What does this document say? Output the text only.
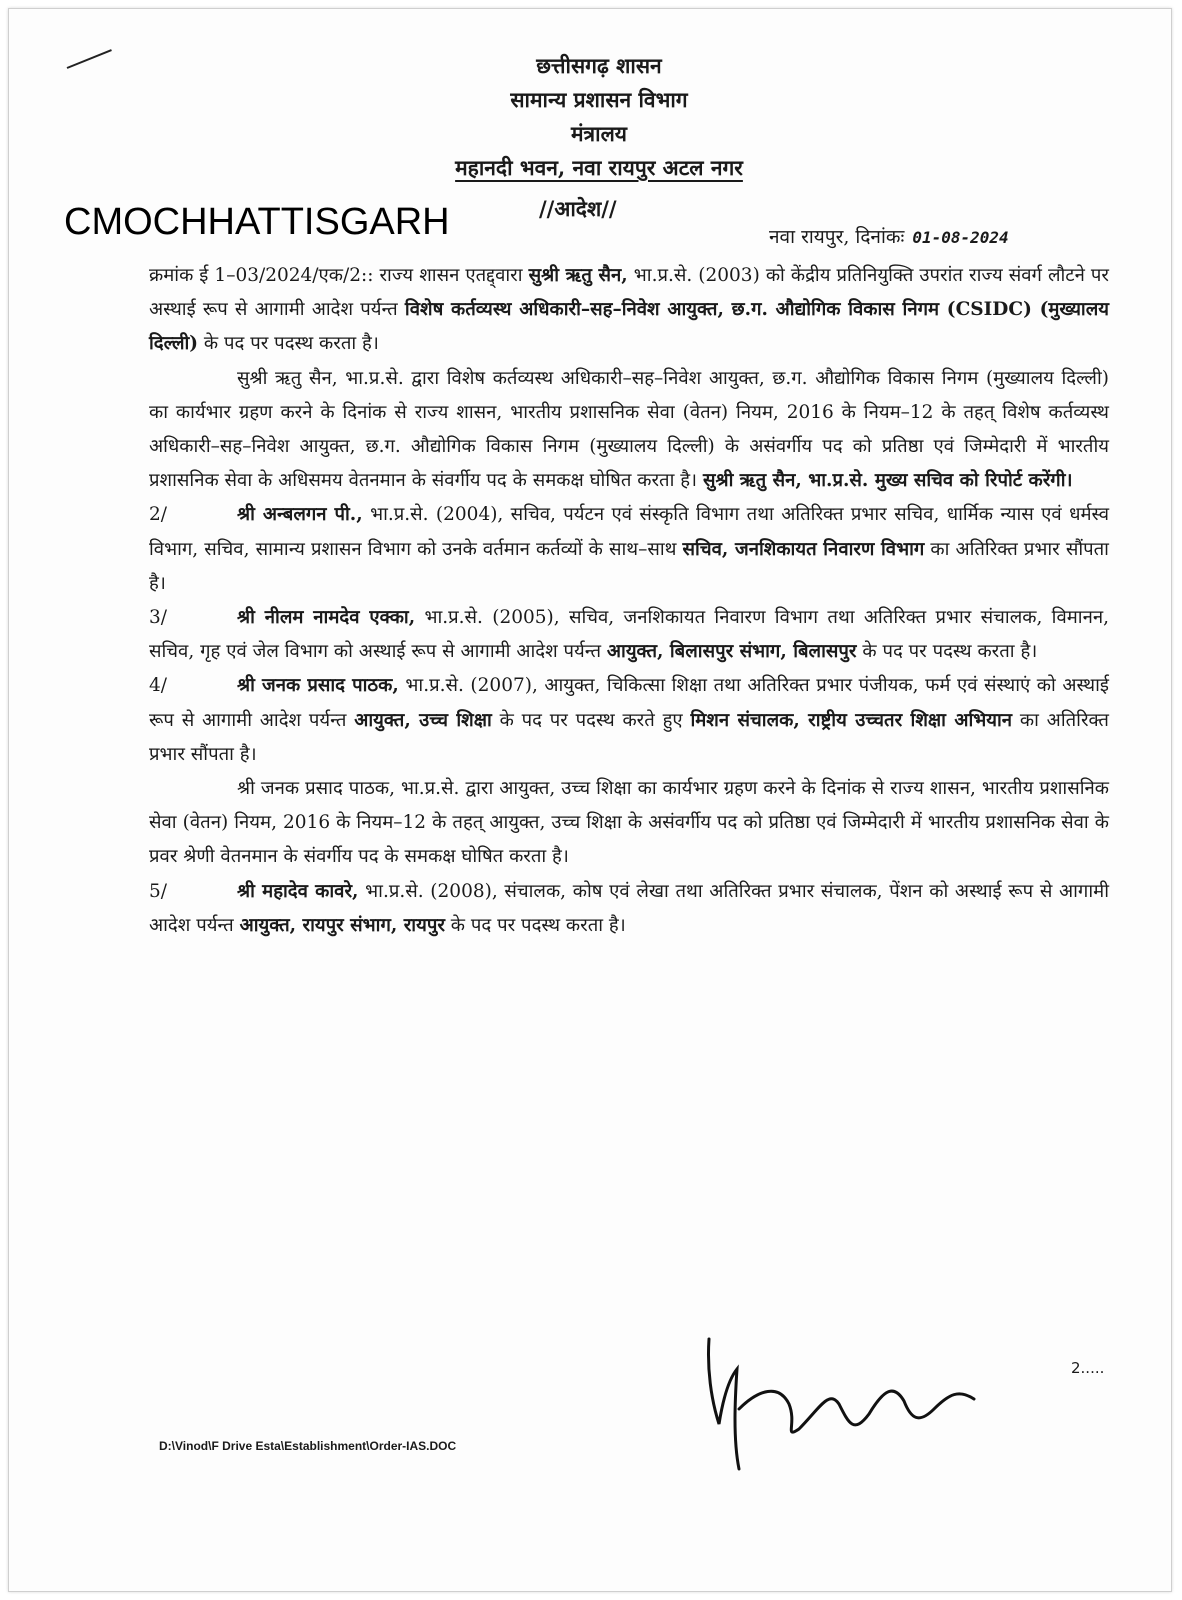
छत्तीसगढ़ शासन
सामान्य प्रशासन विभाग
मंत्रालय
महानदी भवन, नवा रायपुर अटल नगर
CMOCHHATTISGARH	//आदेश//
नवा रायपुर, दिनांकः 01-08-2024

क्रमांक ई 1–03/2024/एक/2:: राज्य शासन एतद्द्वारा सुश्री ऋतु सैन, भा.प्र.से. (2003) को केंद्रीय प्रतिनियुक्ति उपरांत राज्य संवर्ग लौटने पर अस्थाई रूप से आगामी आदेश पर्यन्त विशेष कर्तव्यस्थ अधिकारी–सह–निवेश आयुक्त, छ.ग. औद्योगिक विकास निगम (CSIDC) (मुख्यालय दिल्ली) के पद पर पदस्थ करता है।

सुश्री ऋतु सैन, भा.प्र.से. द्वारा विशेष कर्तव्यस्थ अधिकारी–सह–निवेश आयुक्त, छ.ग. औद्योगिक विकास निगम (मुख्यालय दिल्ली) का कार्यभार ग्रहण करने के दिनांक से राज्य शासन, भारतीय प्रशासनिक सेवा (वेतन) नियम, 2016 के नियम–12 के तहत् विशेष कर्तव्यस्थ अधिकारी–सह–निवेश आयुक्त, छ.ग. औद्योगिक विकास निगम (मुख्यालय दिल्ली) के असंवर्गीय पद को प्रतिष्ठा एवं जिम्मेदारी में भारतीय प्रशासनिक सेवा के अधिसमय वेतनमान के संवर्गीय पद के समकक्ष घोषित करता है। सुश्री ऋतु सैन, भा.प्र.से. मुख्य सचिव को रिपोर्ट करेंगी।

2/	श्री अन्बलगन पी., भा.प्र.से. (2004), सचिव, पर्यटन एवं संस्कृति विभाग तथा अतिरिक्त प्रभार सचिव, धार्मिक न्यास एवं धर्मस्व विभाग, सचिव, सामान्य प्रशासन विभाग को उनके वर्तमान कर्तव्यों के साथ–साथ सचिव, जनशिकायत निवारण विभाग का अतिरिक्त प्रभार सौंपता है।

3/	श्री नीलम नामदेव एक्का, भा.प्र.से. (2005), सचिव, जनशिकायत निवारण विभाग तथा अतिरिक्त प्रभार संचालक, विमानन, सचिव, गृह एवं जेल विभाग को अस्थाई रूप से आगामी आदेश पर्यन्त आयुक्त, बिलासपुर संभाग, बिलासपुर के पद पर पदस्थ करता है।

4/	श्री जनक प्रसाद पाठक, भा.प्र.से. (2007), आयुक्त, चिकित्सा शिक्षा तथा अतिरिक्त प्रभार पंजीयक, फर्म एवं संस्थाएं को अस्थाई रूप से आगामी आदेश पर्यन्त आयुक्त, उच्च शिक्षा के पद पर पदस्थ करते हुए मिशन संचालक, राष्ट्रीय उच्चतर शिक्षा अभियान का अतिरिक्त प्रभार सौंपता है।

श्री जनक प्रसाद पाठक, भा.प्र.से. द्वारा आयुक्त, उच्च शिक्षा का कार्यभार ग्रहण करने के दिनांक से राज्य शासन, भारतीय प्रशासनिक सेवा (वेतन) नियम, 2016 के नियम–12 के तहत् आयुक्त, उच्च शिक्षा के असंवर्गीय पद को प्रतिष्ठा एवं जिम्मेदारी में भारतीय प्रशासनिक सेवा के प्रवर श्रेणी वेतनमान के संवर्गीय पद के समकक्ष घोषित करता है।

5/	श्री महादेव कावरे, भा.प्र.से. (2008), संचालक, कोष एवं लेखा तथा अतिरिक्त प्रभार संचालक, पेंशन को अस्थाई रूप से आगामी आदेश पर्यन्त आयुक्त, रायपुर संभाग, रायपुर के पद पर पदस्थ करता है।

2.....
D:\Vinod\F Drive Esta\Establishment\Order-IAS.DOC
